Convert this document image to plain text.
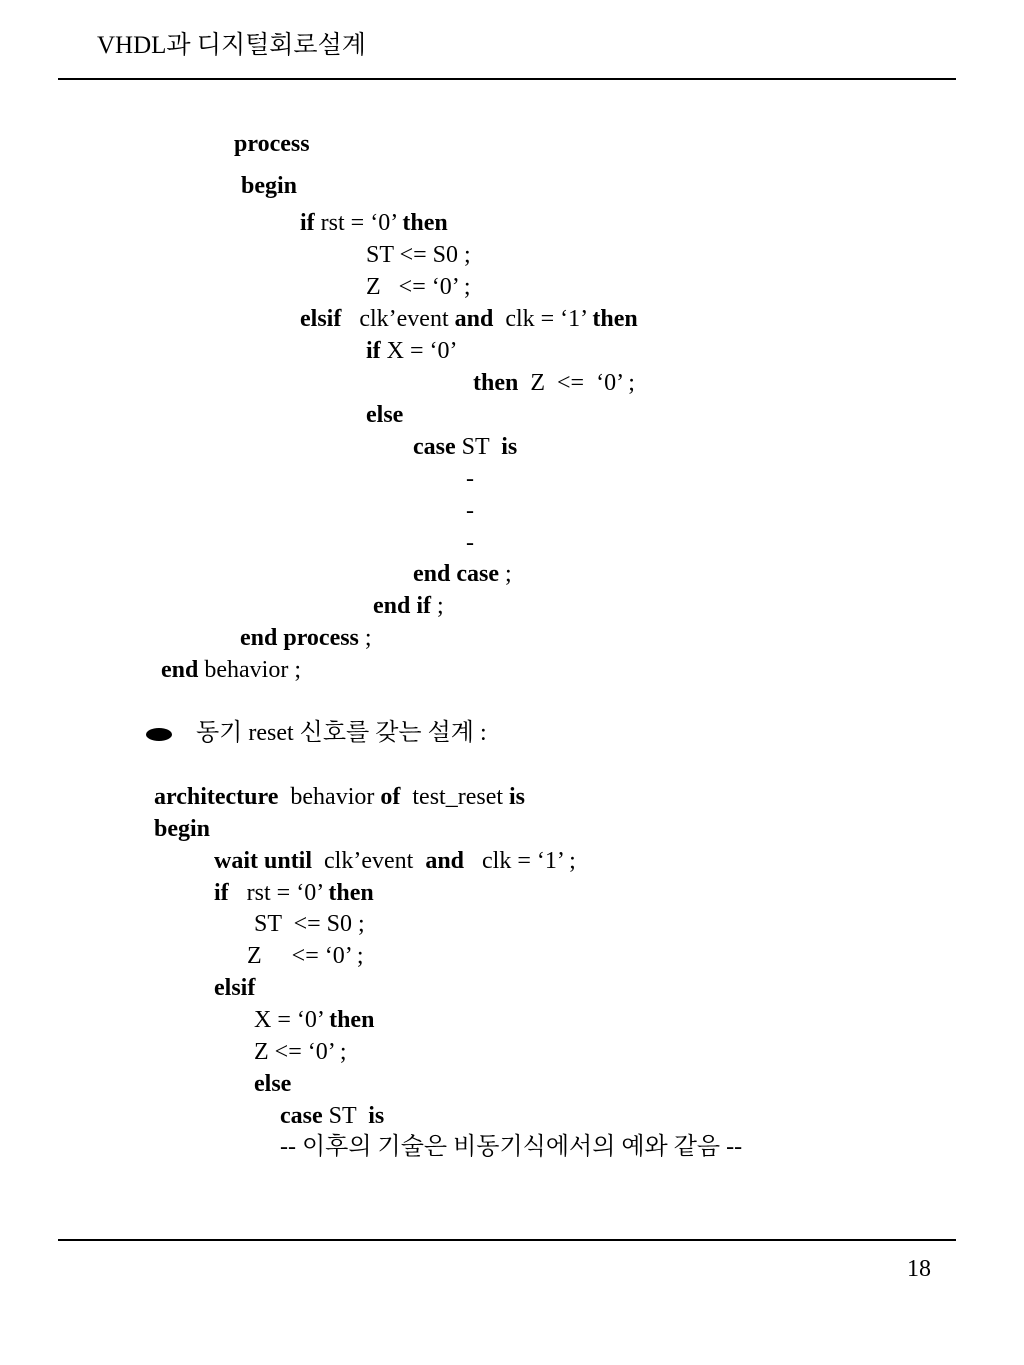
VHDL과 디지털회로설계
process
begin
if rst = ‘0’ then
ST <= S0 ;
Z   <= ‘0’ ;
elsif   clk’event and  clk = ‘1’ then
if X = ‘0’
then  Z  <=  ‘0’ ;
else
case ST  is
-
-
-
end case ;
end if ;
end process ;
end behavior ;
동기 reset 신호를 갖는 설계 :
architecture  behavior of  test_reset is
begin
wait until  clk’event  and   clk = ‘1’ ;
if   rst = ‘0’ then
ST  <= S0 ;
Z     <= ‘0’ ;
elsif
X = ‘0’ then
Z <= ‘0’ ;
else
case ST  is
-- 이후의 기술은 비동기식에서의 예와 같음 --
18
